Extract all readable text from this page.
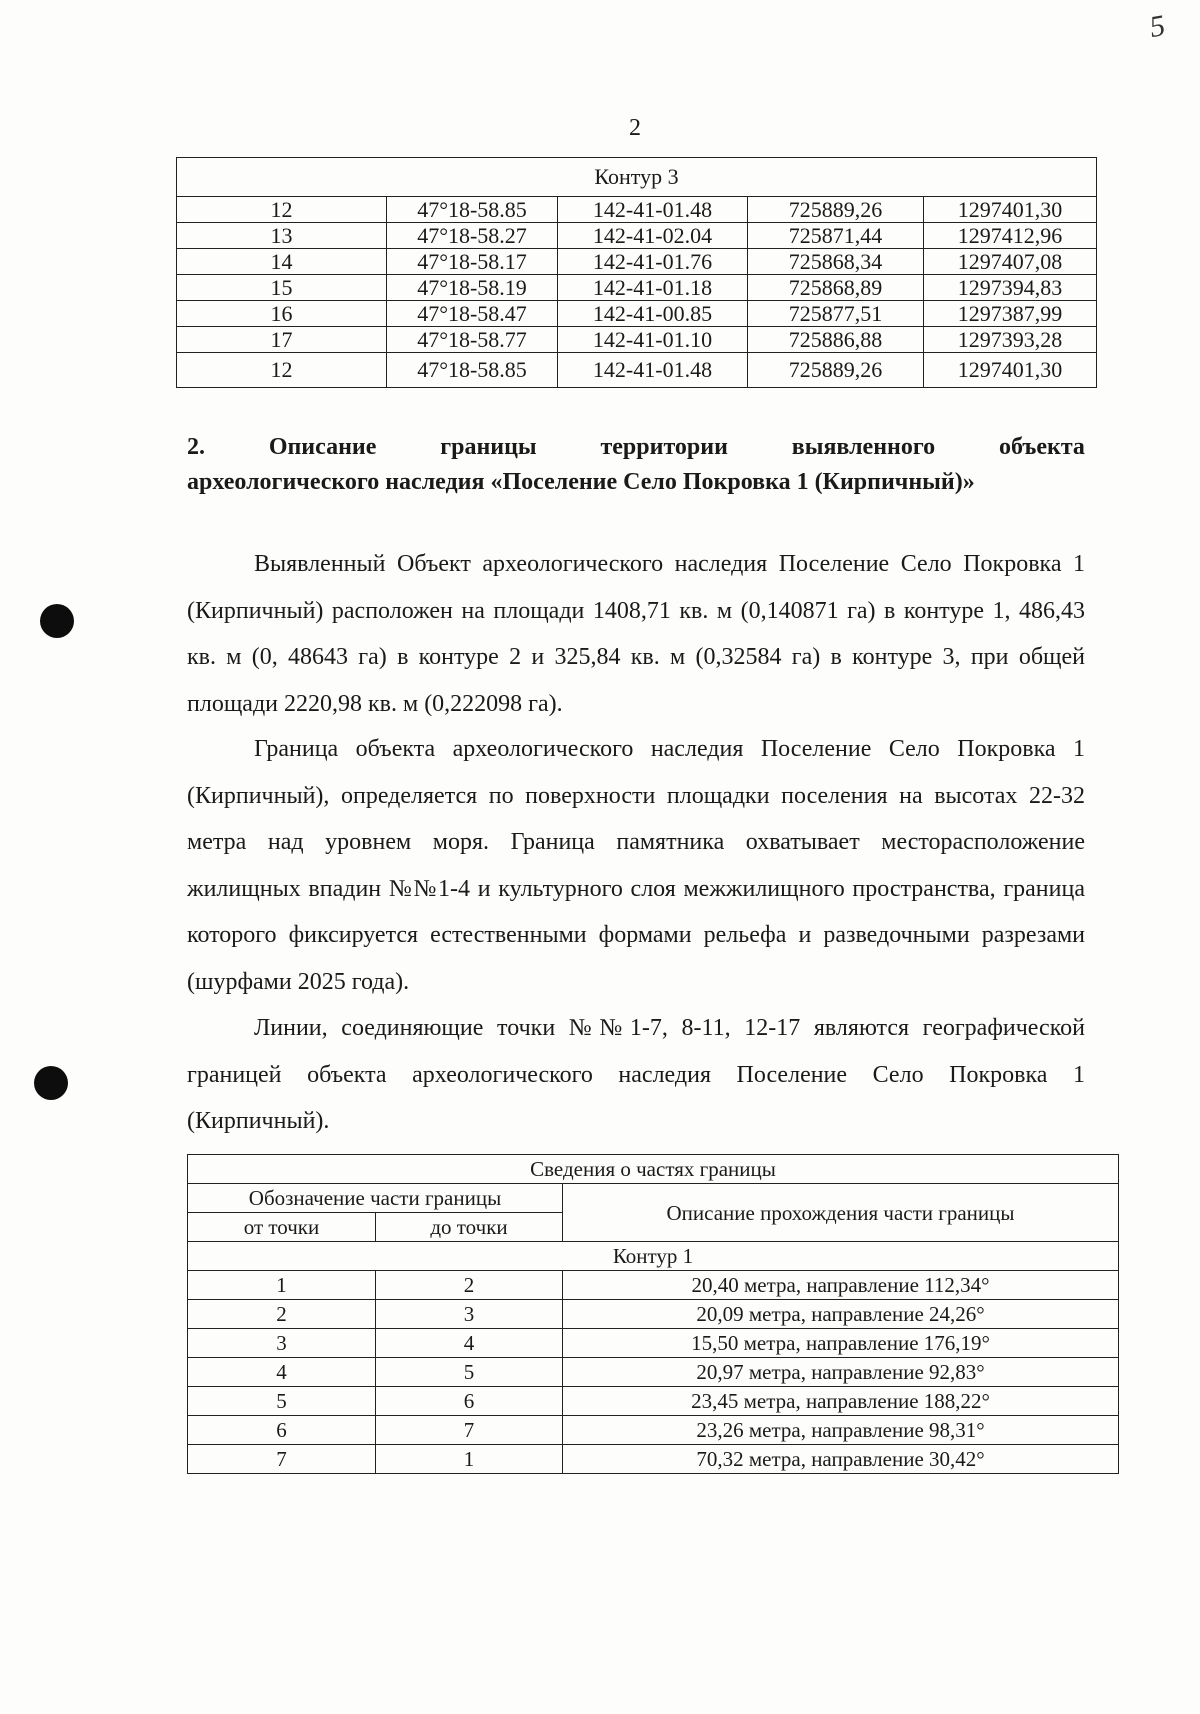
5
2
Контур 3				
12	47°18-58.85	142-41-01.48	725889,26	1297401,30
13	47°18-58.27	142-41-02.04	725871,44	1297412,96
14	47°18-58.17	142-41-01.76	725868,34	1297407,08
15	47°18-58.19	142-41-01.18	725868,89	1297394,83
16	47°18-58.47	142-41-00.85	725877,51	1297387,99
17	47°18-58.77	142-41-01.10	725886,88	1297393,28
12	47°18-58.85	142-41-01.48	725889,26	1297401,30
2.	Описание	границы	территории	выявленного	объекта
археологического наследия «Поселение Село Покровка 1 (Кирпичный)»

Выявленный Объект археологического наследия Поселение Село Покровка 1 (Кирпичный) расположен на площади 1408,71 кв. м (0,140871 га) в контуре 1, 486,43 кв. м (0, 48643 га) в контуре 2 и 325,84 кв. м (0,32584 га) в контуре 3, при общей площади 2220,98 кв. м (0,222098 га).

Граница объекта археологического наследия Поселение Село Покровка 1 (Кирпичный), определяется по поверхности площадки поселения на высотах 22-32 метра над уровнем моря. Граница памятника охватывает месторасположение жилищных впадин №№1-4 и культурного слоя межжилищного пространства, граница которого фиксируется естественными формами рельефа и разведочными разрезами (шурфами 2025 года).

Линии, соединяющие точки №№1-7, 8-11, 12-17 являются географической границей объекта археологического наследия Поселение Село Покровка 1 (Кирпичный).

Сведения о частях границы		
Обозначение части границы		Описание прохождения части границы
от точки	до точки	
Контур 1		
1	2	20,40 метра, направление 112,34°
2	3	20,09 метра, направление 24,26°
3	4	15,50 метра, направление 176,19°
4	5	20,97 метра, направление 92,83°
5	6	23,45 метра, направление 188,22°
6	7	23,26 метра, направление 98,31°
7	1	70,32 метра, направление 30,42°
